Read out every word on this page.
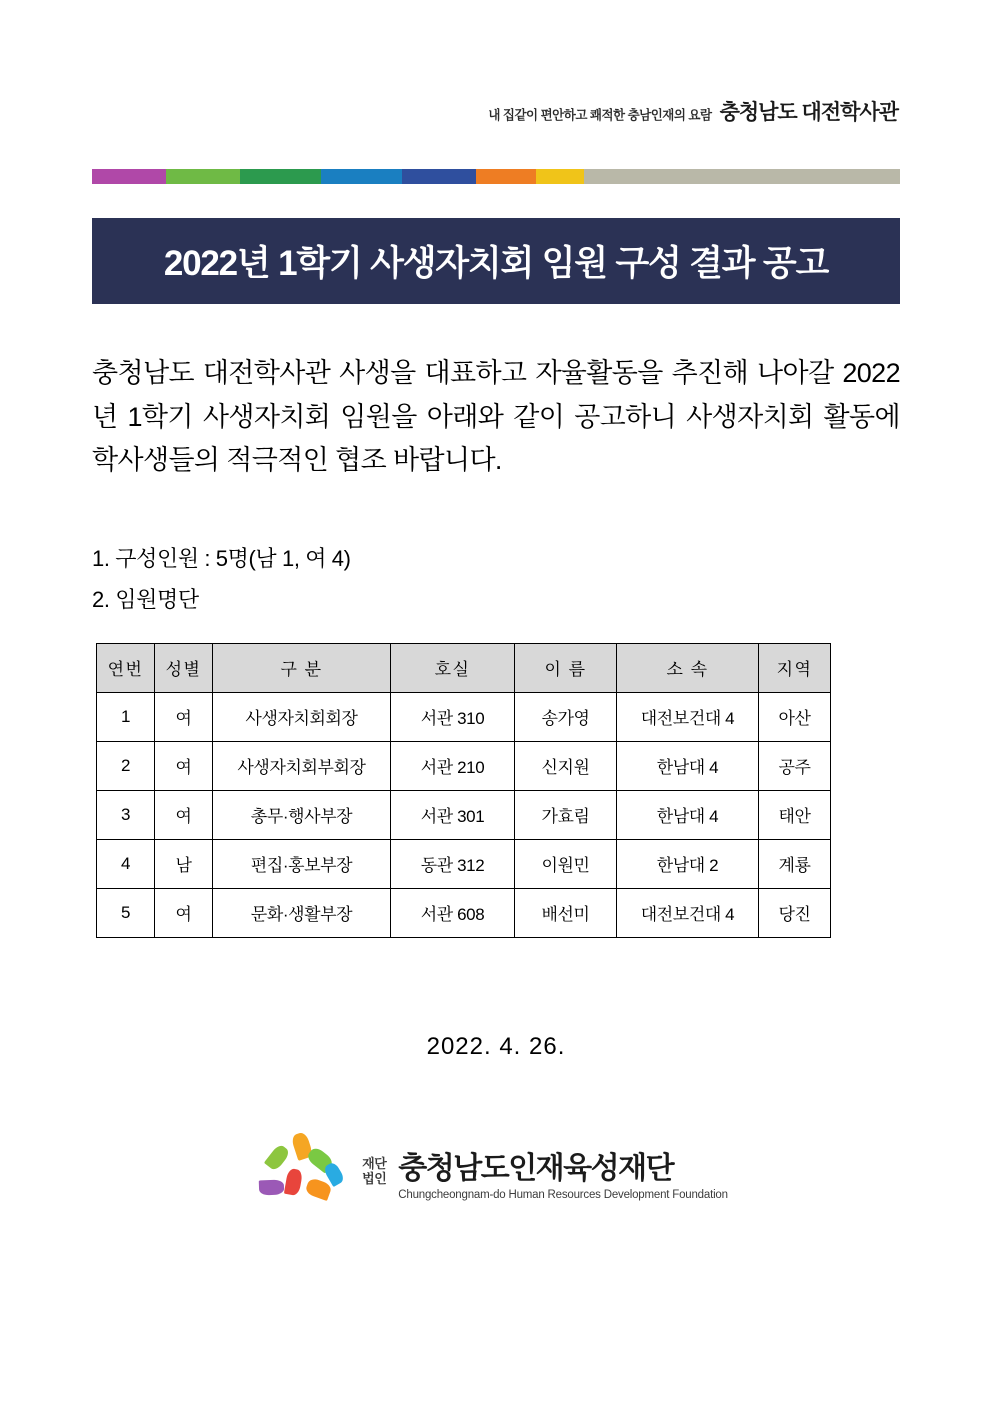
내 집같이 편안하고 쾌적한 충남인재의 요람 충청남도 대전학사관
2022년 1학기 사생자치회 임원 구성 결과 공고

충청남도 대전학사관 사생을 대표하고 자율활동을 추진해 나아갈 2022년 1학기 사생자치회 임원을 아래와 같이 공고하니 사생자치회 활동에 학사생들의 적극적인 협조 바랍니다.

1. 구성인원 : 5명(남 1, 여 4)
2. 임원명단
연번	성별	구 분	호실	이 름	소 속	지역
1	여	사생자치회회장	서관 310	송가영	대전보건대 4	아산
2	여	사생자치회부회장	서관 210	신지원	한남대 4	공주
3	여	총무·행사부장	서관 301	가효림	한남대 4	태안
4	남	편집·홍보부장	동관 312	이원민	한남대 2	계룡
5	여	문화·생활부장	서관 608	배선미	대전보건대 4	당진
2022. 4. 26.
재단
법인 충청남도인재육성재단
Chungcheongnam-do Human Resources Development Foundation
